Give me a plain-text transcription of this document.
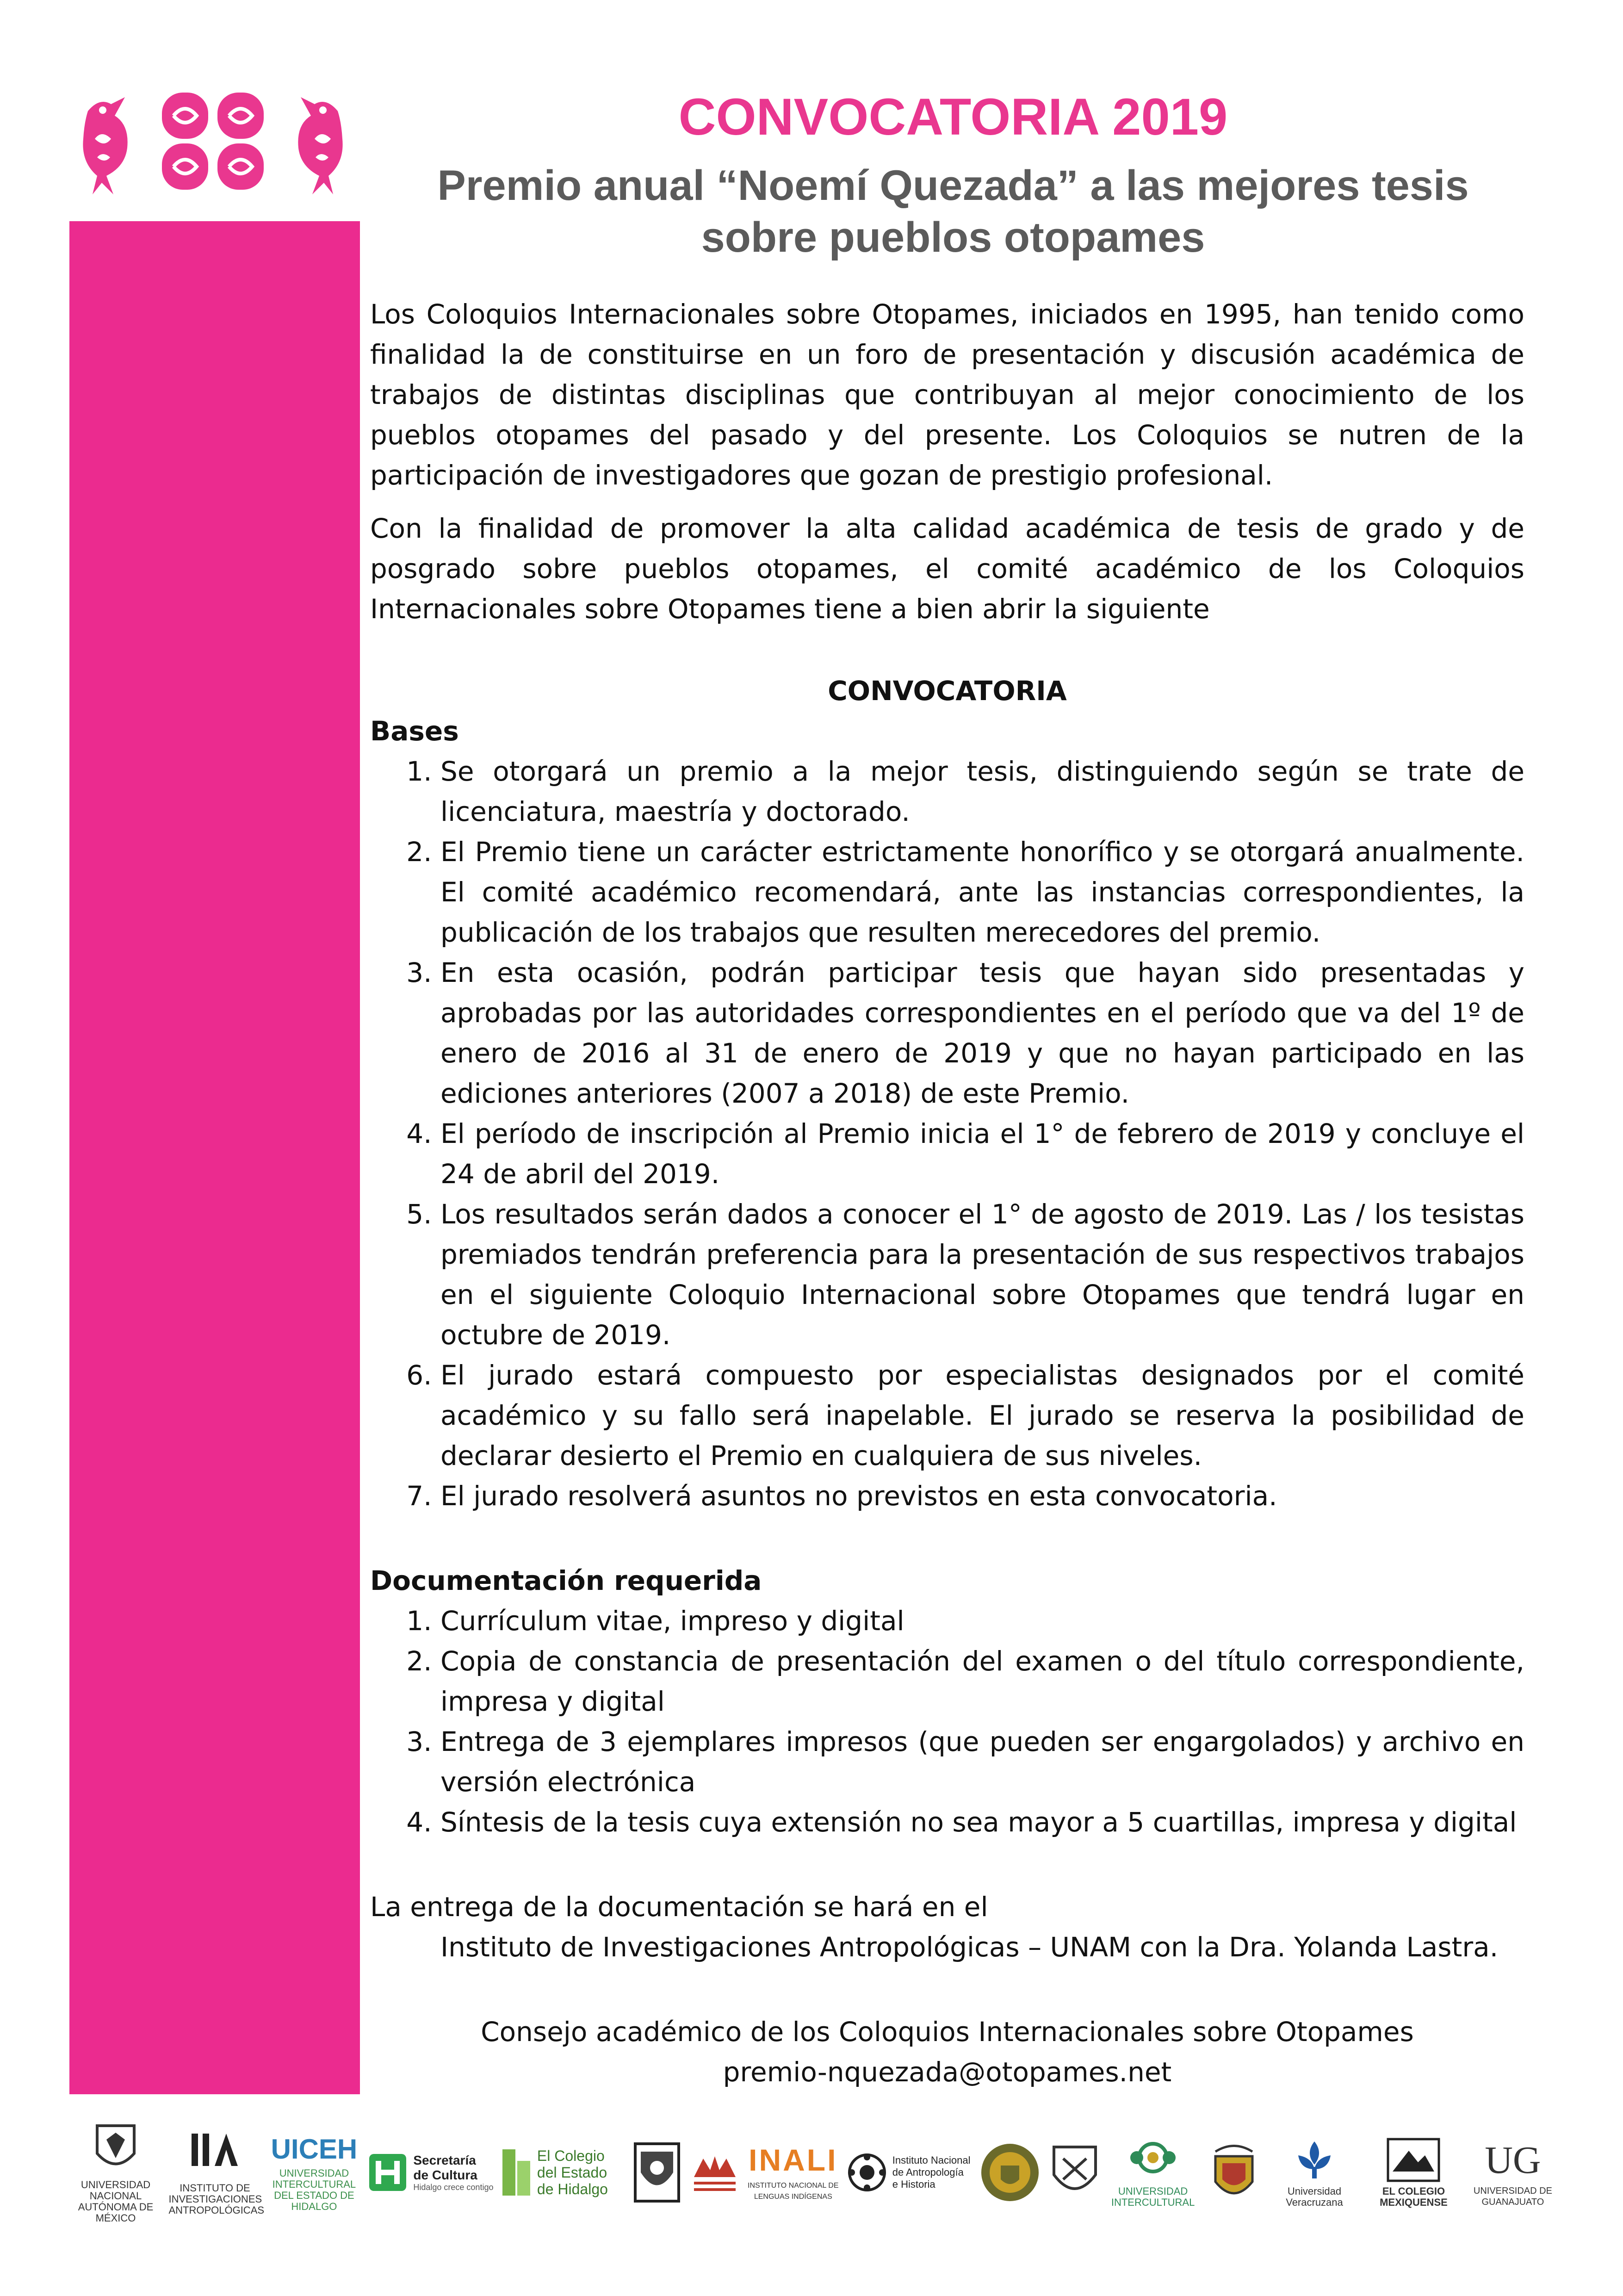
CONVOCATORIA 2019
Premio anual “Noemí Quezada” a las mejores tesis
sobre pueblos otopames

Los Coloquios Internacionales sobre Otopames, iniciados en 1995, han tenido como finalidad la de constituirse en un foro de presentación y discusión académica de trabajos de distintas disciplinas que contribuyan al mejor conocimiento de los pueblos otopames del pasado y del presente. Los Coloquios se nutren de la participación de investigadores que gozan de prestigio profesional.

Con la finalidad de promover la alta calidad académica de tesis de grado y de posgrado sobre pueblos otopames, el comité académico de los Coloquios Internacionales sobre Otopames tiene a bien abrir la siguiente

CONVOCATORIA
Bases
1. Se otorgará un premio a la mejor tesis, distinguiendo según se trate de licenciatura, maestría y doctorado.
2. El Premio tiene un carácter estrictamente honorífico y se otorgará anualmente. El comité académico recomendará, ante las instancias correspondientes, la publicación de los trabajos que resulten merecedores del premio.
3. En esta ocasión, podrán participar tesis que hayan sido presentadas y aprobadas por las autoridades correspondientes en el período que va del 1º de enero de 2016 al 31 de enero de 2019 y que no hayan participado en las ediciones anteriores (2007 a 2018) de este Premio.
4. El período de inscripción al Premio inicia el 1° de febrero de 2019 y concluye el 24 de abril del 2019.
5. Los resultados serán dados a conocer el 1° de agosto de 2019. Las / los tesistas premiados tendrán preferencia para la presentación de sus respectivos trabajos en el siguiente Coloquio Internacional sobre Otopames que tendrá lugar en octubre de 2019.
6. El jurado estará compuesto por especialistas designados por el comité académico y su fallo será inapelable. El jurado se reserva la posibilidad de declarar desierto el Premio en cualquiera de sus niveles.
7. El jurado resolverá asuntos no previstos en esta convocatoria.
Documentación requerida
1. Currículum vitae, impreso y digital
2. Copia de constancia de presentación del examen o del título correspondiente, impresa y digital
3. Entrega de 3 ejemplares impresos (que pueden ser engargolados) y archivo en versión electrónica
4. Síntesis de la tesis cuya extensión no sea mayor a 5 cuartillas, impresa y digital
La entrega de la documentación se hará en el
Instituto de Investigaciones Antropológicas – UNAM con la Dra. Yolanda Lastra.
Consejo académico de los Coloquios Internacionales sobre Otopames
premio-nquezada@otopames.net
UNIVERSIDAD NACIONAL AUTÓNOMA DE MÉXICO
INSTITUTO DE INVESTIGACIONES ANTROPOLÓGICAS
UICEH
UNIVERSIDAD INTERCULTURAL DEL ESTADO DE HIDALGO
Secretaría de Cultura
Hidalgo crece contigo
El Colegio del Estado de Hidalgo
INALI
INSTITUTO NACIONAL DE LENGUAS INDÍGENAS
Instituto Nacional de Antropología e Historia
UNIVERSIDAD INTERCULTURAL
Universidad Veracruzana
EL COLEGIO MEXIQUENSE
UG
UNIVERSIDAD DE GUANAJUATO
